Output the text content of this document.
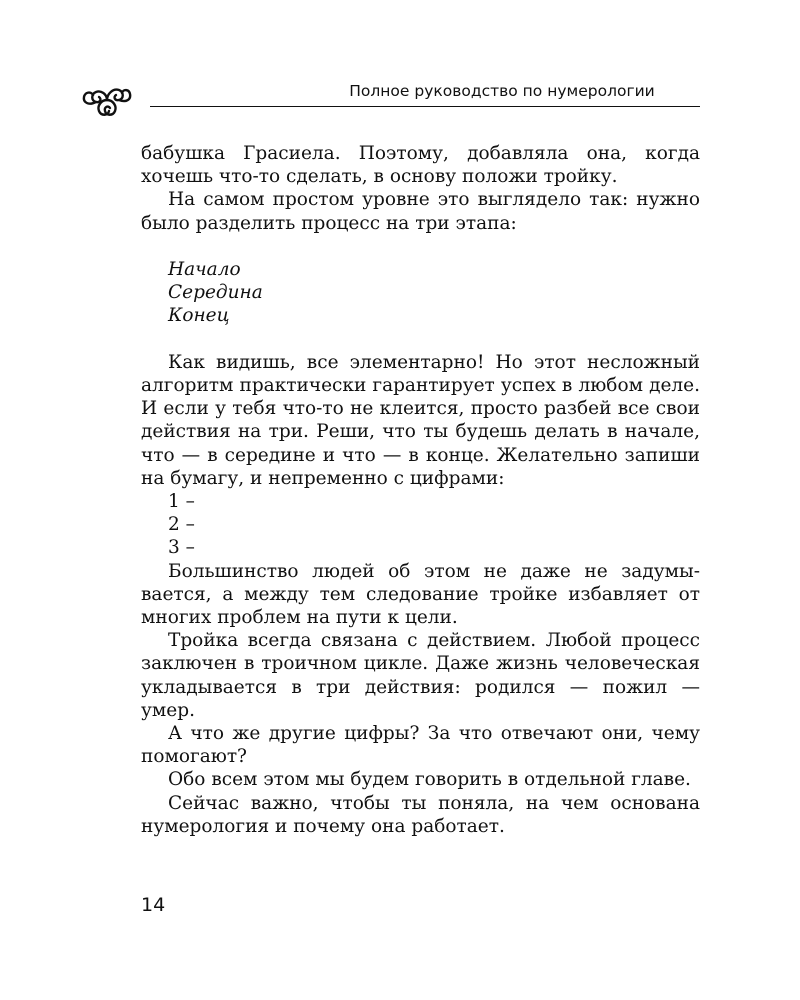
Полное руководство по нумерологии

бабушка Грасиела. Поэтому, добавляла она, когда хочешь что-то сделать, в основу положи тройку.

На самом простом уровне это выглядело так: нужно было разделить процесс на три этапа:

Начало
Середина
Конец

Как видишь, все элементарно! Но этот несложный алгоритм практически гарантирует успех в любом деле. И если у тебя что-то не клеится, просто разбей все свои действия на три. Реши, что ты будешь делать в начале, что — в середине и что — в конце. Желательно запиши на бумагу, и непременно с цифрами:

1 –
2 –
3 –

Большинство людей об этом не даже не задумывается, а между тем следование тройке избавляет от многих проблем на пути к цели.

Тройка всегда связана с действием. Любой процесс заключен в троичном цикле. Даже жизнь человеческая укладывается в три действия: родился — пожил — умер.

А что же другие цифры? За что отвечают они, чему помогают?

Обо всем этом мы будем говорить в отдельной главе.

Сейчас важно, чтобы ты поняла, на чем основана нумерология и почему она работает.

14
